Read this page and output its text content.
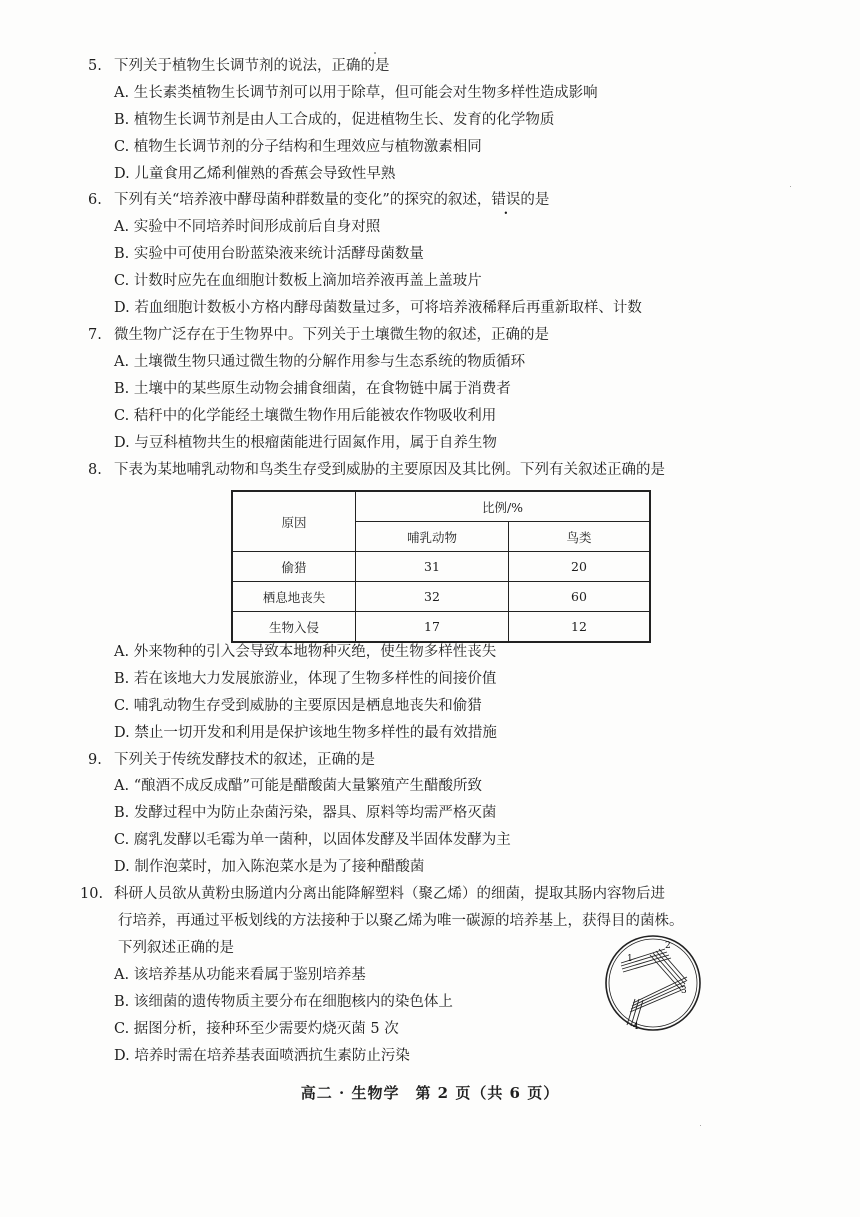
5. 下列关于植物生长调节剂的说法，正确的是
A. 生长素类植物生长调节剂可以用于除草，但可能会对生物多样性造成影响
B. 植物生长调节剂是由人工合成的，促进植物生长、发育的化学物质
C. 植物生长调节剂的分子结构和生理效应与植物激素相同
D. 儿童食用乙烯利催熟的香蕉会导致性早熟
6. 下列有关“培养液中酵母菌种群数量的变化”的探究的叙述，错误的是
A. 实验中不同培养时间形成前后自身对照
B. 实验中可使用台盼蓝染液来统计活酵母菌数量
C. 计数时应先在血细胞计数板上滴加培养液再盖上盖玻片
D. 若血细胞计数板小方格内酵母菌数量过多，可将培养液稀释后再重新取样、计数
7. 微生物广泛存在于生物界中。下列关于土壤微生物的叙述，正确的是
A. 土壤微生物只通过微生物的分解作用参与生态系统的物质循环
B. 土壤中的某些原生动物会捕食细菌，在食物链中属于消费者
C. 秸秆中的化学能经土壤微生物作用后能被农作物吸收利用
D. 与豆科植物共生的根瘤菌能进行固氮作用，属于自养生物
8. 下表为某地哺乳动物和鸟类生存受到威胁的主要原因及其比例。下列有关叙述正确的是
原因	比例/%	
	哺乳动物	鸟类
偷猎	31	20
栖息地丧失	32	60
生物入侵	17	12
A. 外来物种的引入会导致本地物种灭绝，使生物多样性丧失
B. 若在该地大力发展旅游业，体现了生物多样性的间接价值
C. 哺乳动物生存受到威胁的主要原因是栖息地丧失和偷猎
D. 禁止一切开发和利用是保护该地生物多样性的最有效措施
9. 下列关于传统发酵技术的叙述，正确的是
A. “酿酒不成反成醋”可能是醋酸菌大量繁殖产生醋酸所致
B. 发酵过程中为防止杂菌污染，器具、原料等均需严格灭菌
C. 腐乳发酵以毛霉为单一菌种，以固体发酵及半固体发酵为主
D. 制作泡菜时，加入陈泡菜水是为了接种醋酸菌
10. 科研人员欲从黄粉虫肠道内分离出能降解塑料（聚乙烯）的细菌，提取其肠内容物后进
行培养，再通过平板划线的方法接种于以聚乙烯为唯一碳源的培养基上，获得目的菌株。
下列叙述正确的是
A. 该培养基从功能来看属于鉴别培养基
B. 该细菌的遗传物质主要分布在细胞核内的染色体上
C. 据图分析，接种环至少需要灼烧灭菌 5 次
D. 培养时需在培养基表面喷洒抗生素防止污染
1
2
3
4
高二 · 生物学　第 2 页（共 6 页）
